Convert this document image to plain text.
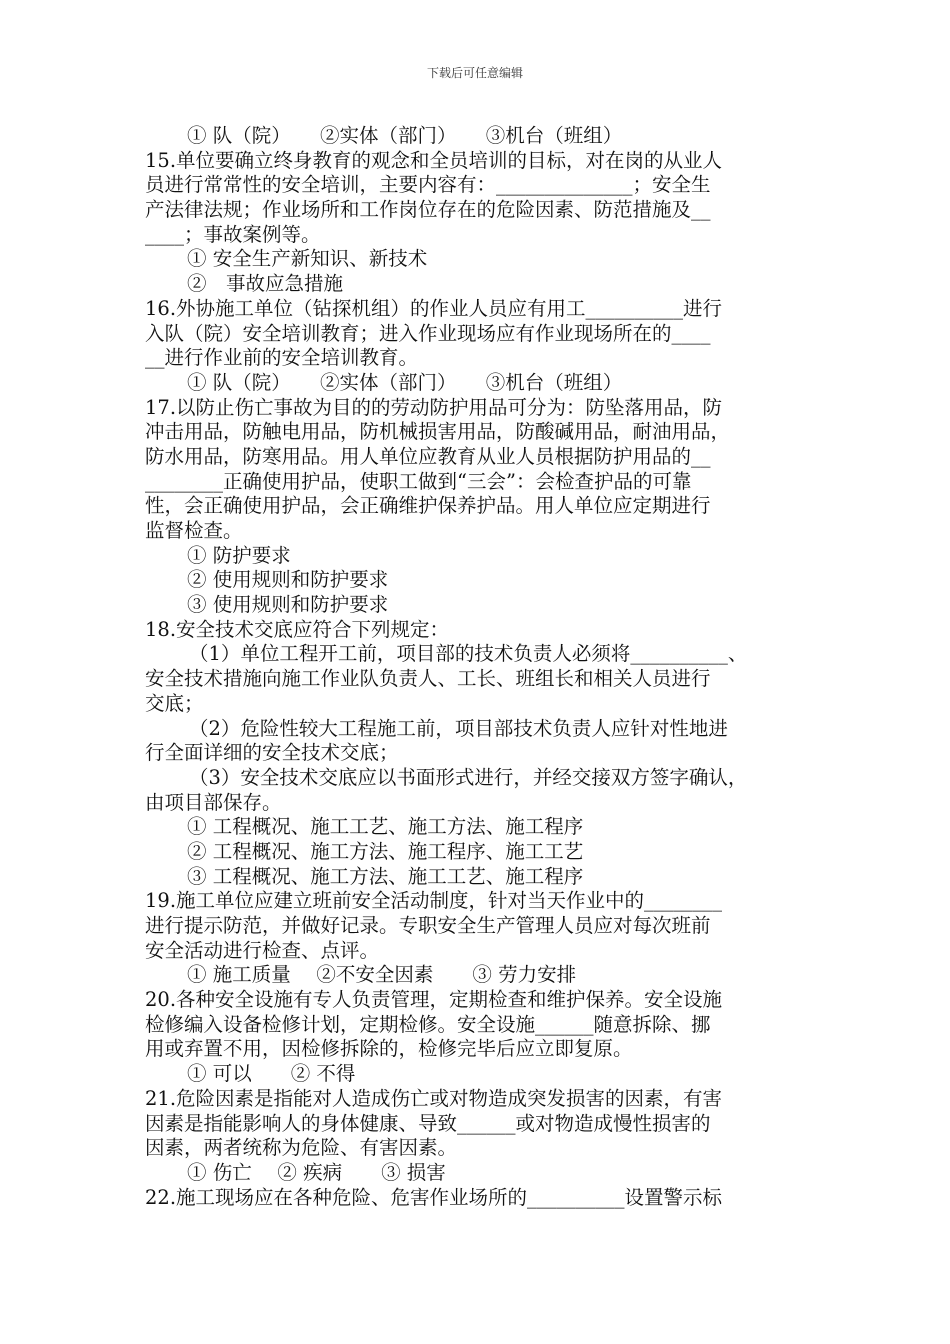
下载后可任意编辑
① 队（院）　　②实体（部门）　　③机台（班组）
15.单位要确立终身教育的观念和全员培训的目标，对在岗的从业人
员进行常常性的安全培训，主要内容有：______________；安全生
产法律法规；作业场所和工作岗位存在的危险因素、防范措施及__
____；事故案例等。
① 安全生产新知识、新技术
②　事故应急措施
16.外协施工单位（钻探机组）的作业人员应有用工__________进行
入队（院）安全培训教育；进入作业现场应有作业现场所在的____
__进行作业前的安全培训教育。
① 队（院）　　②实体（部门）　　③机台（班组）
17.以防止伤亡事故为目的的劳动防护用品可分为：防坠落用品，防
冲击用品，防触电用品，防机械损害用品，防酸碱用品，耐油用品，
防水用品，防寒用品。用人单位应教育从业人员根据防护用品的__
________正确使用护品，使职工做到“三会”：会检查护品的可靠
性，会正确使用护品，会正确维护保养护品。用人单位应定期进行
监督检查。
① 防护要求
② 使用规则和防护要求
③ 使用规则和防护要求
18.安全技术交底应符合下列规定：
（1）单位工程开工前，项目部的技术负责人必须将__________、
安全技术措施向施工作业队负责人、工长、班组长和相关人员进行
交底；
（2）危险性较大工程施工前，项目部技术负责人应针对性地进
行全面详细的安全技术交底；
（3）安全技术交底应以书面形式进行，并经交接双方签字确认，
由项目部保存。
① 工程概况、施工工艺、施工方法、施工程序
② 工程概况、施工方法、施工程序、施工工艺
③ 工程概况、施工方法、施工工艺、施工程序
19.施工单位应建立班前安全活动制度，针对当天作业中的________
进行提示防范，并做好记录。专职安全生产管理人员应对每次班前
安全活动进行检查、点评。
① 施工质量　 ②不安全因素　　③ 劳力安排
20.各种安全设施有专人负责管理，定期检查和维护保养。安全设施
检修编入设备检修计划，定期检修。安全设施______随意拆除、挪
用或弃置不用，因检修拆除的，检修完毕后应立即复原。
① 可以　　② 不得
21.危险因素是指能对人造成伤亡或对物造成突发损害的因素，有害
因素是指能影响人的身体健康、导致______或对物造成慢性损害的
因素，两者统称为危险、有害因素。
① 伤亡　 ② 疾病　　③ 损害
22.施工现场应在各种危险、危害作业场所的__________设置警示标
